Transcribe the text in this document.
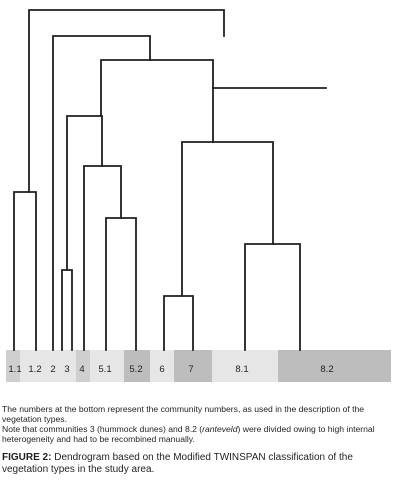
1.1 1.2 2 3 4 5.1 5.2 6 7	8.1	8.2
The numbers at the bottom represent the community numbers, as used in the description of the vegetation types.
Note that communities 3 (hummock dunes) and 8.2 (ranteveld) were divided owing to high internal heterogeneity and had to be recombined manually.
FIGURE 2: Dendrogram based on the Modified TWINSPAN classification of the vegetation types in the study area.
